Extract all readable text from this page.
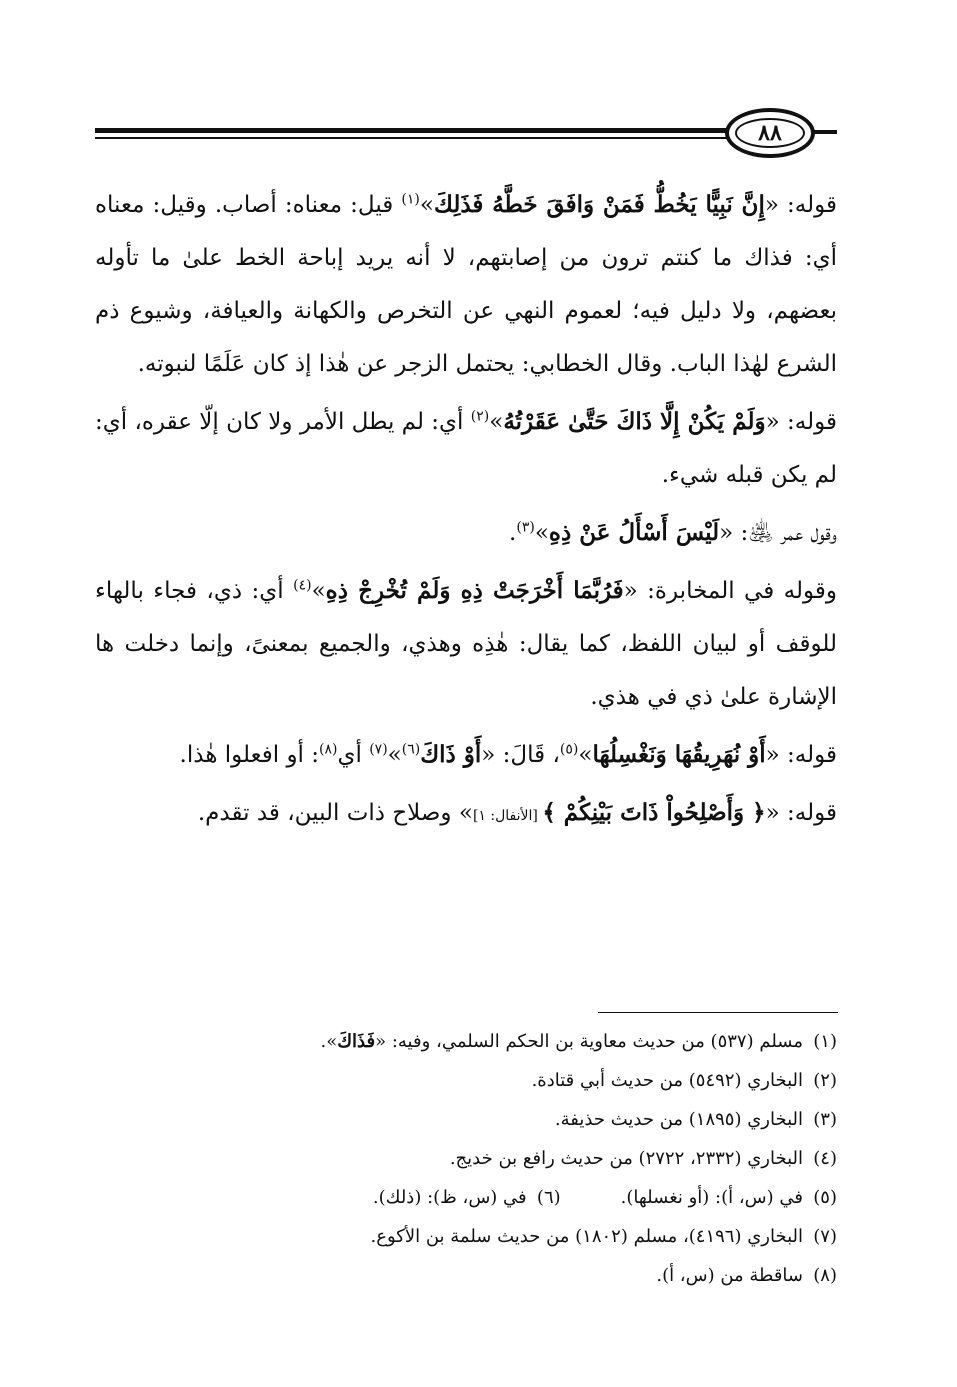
٨٨

قوله: «إِنَّ نَبِيًّا يَخُطُّ فَمَنْ وَافَقَ خَطَّهُ فَذَلِكَ»$^{(١)}$ قيل: معناه: أصاب. وقيل: معناه أي: فذاك ما كنتم ترون من إصابتهم، لا أنه يريد إباحة الخط علىٰ ما تأوله بعضهم، ولا دليل فيه؛ لعموم النهي عن التخرص والكهانة والعيافة، وشيوع ذم الشرع لهٰذا الباب. وقال الخطابي: يحتمل الزجر عن هٰذا إذ كان عَلَمًا لنبوته.

قوله: «وَلَمْ يَكُنْ إِلَّا ذَاكَ حَتَّىٰ عَقَرْتُهُ»$^{(٢)}$ أي: لم يطل الأمر ولا كان إلّا عقره، أي: لم يكن قبله شيء.

وقول عمر ﵁: «لَيْسَ أَسْأَلُ عَنْ ذِهِ»$^{(٣)}$.

وقوله في المخابرة: «فَرُبَّمَا أَخْرَجَتْ ذِهِ وَلَمْ تُخْرِجْ ذِهِ»$^{(٤)}$ أي: ذي، فجاء بالهاء للوقف أو لبيان اللفظ، كما يقال: هٰذِه وهذي، والجميع بمعنىً، وإنما دخلت ها الإشارة علىٰ ذي في هذي.

قوله: «أَوْ نُهَرِيقُهَا وَنَغْسِلُهَا»$^{(٥)}$، قَالَ: «أَوْ ذَاكَ$^{(٦)}$»$^{(٧)}$ أي$^{(٨)}$: أو افعلوا هٰذا.

قوله: «﴿ وَأَصْلِحُواْ ذَاتَ بَيْنِكُمْ ﴾ [الأنفال: ١]» وصلاح ذات البين، قد تقدم.

(١)مسلم (٥٣٧) من حديث معاوية بن الحكم السلمي، وفيه: «فَذَاكَ».
(٢)البخاري (٥٤٩٢) من حديث أبي قتادة.
(٣)البخاري (١٨٩٥) من حديث حذيفة.
(٤)البخاري (٢٣٣٢، ٢٧٢٢) من حديث رافع بن خديج.
(٥)في (س، أ): (أو نغسلها).(٦)في (س، ظ): (ذلك).
(٧)البخاري (٤١٩٦)، مسلم (١٨٠٢) من حديث سلمة بن الأكوع.
(٨)ساقطة من (س، أ).
